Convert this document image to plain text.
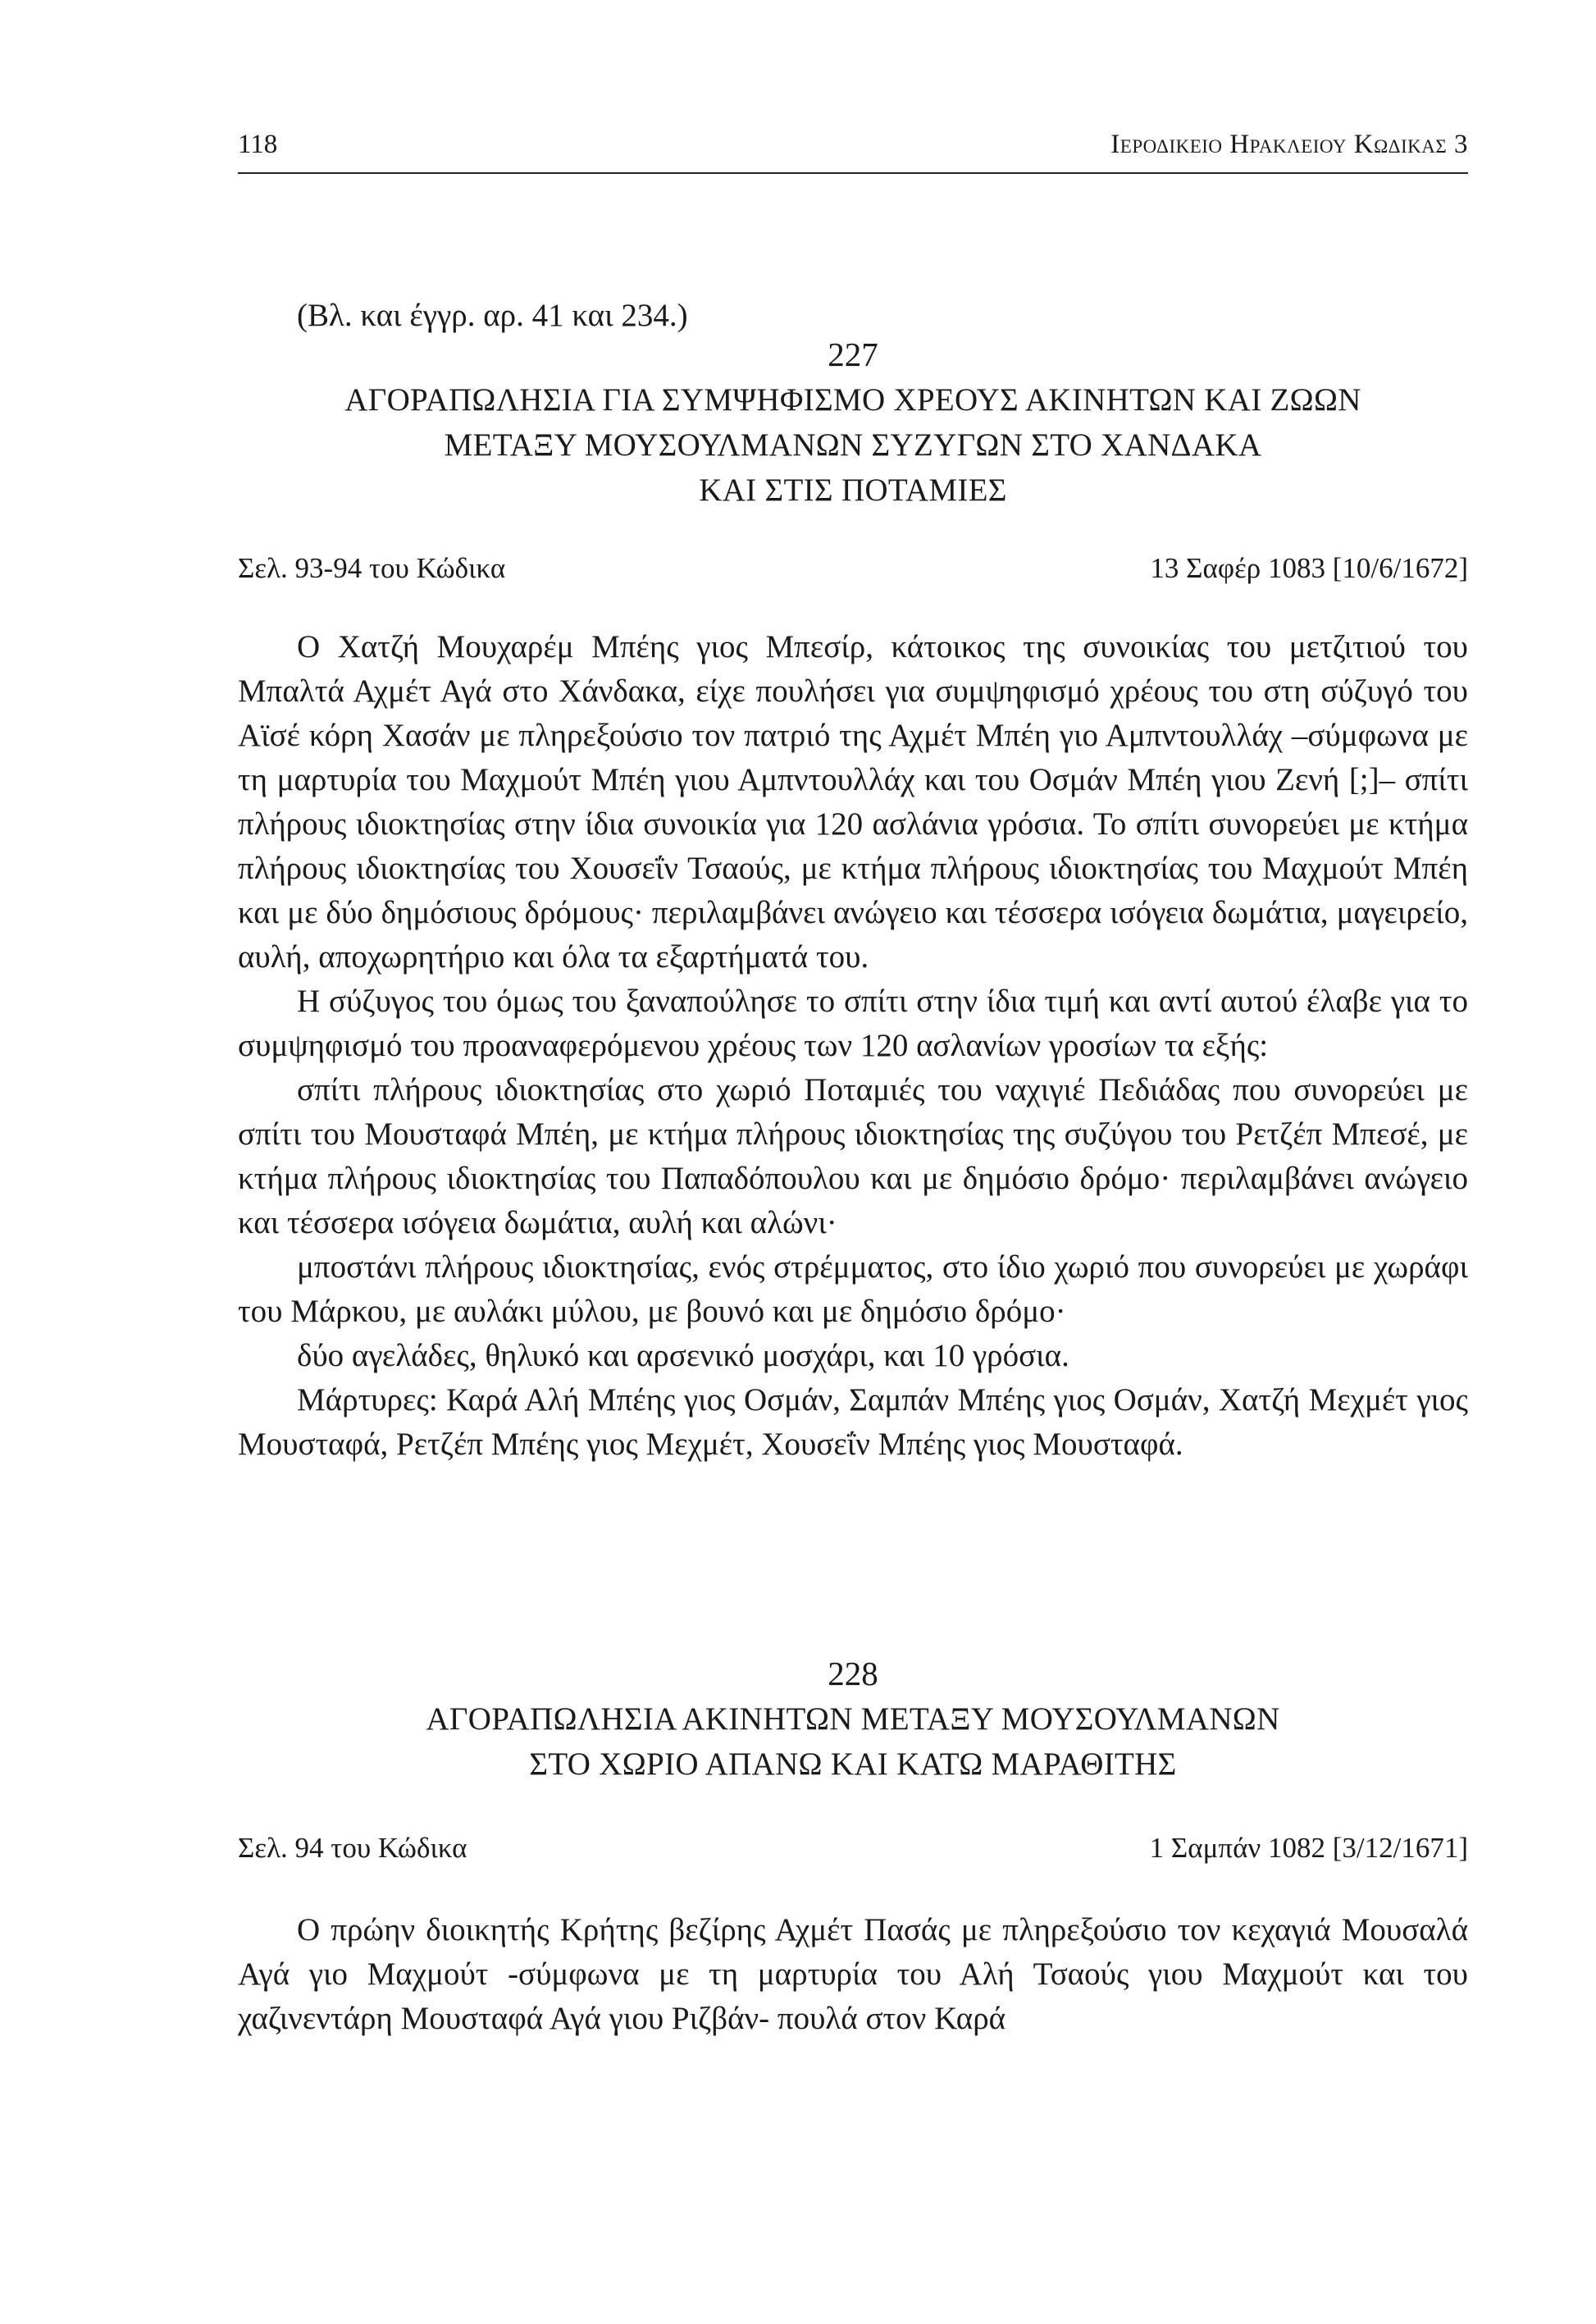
118	Ιεροδικειο Ηρακλειου Κωδικας 3

(Βλ. και έγγρ. αρ. 41 και 234.)

227

ΑΓΟΡΑΠΩΛΗΣΙΑ ΓΙΑ ΣΥΜΨΗΦΙΣΜΟ ΧΡΕΟΥΣ ΑΚΙΝΗΤΩΝ ΚΑΙ ΖΩΩΝ
ΜΕΤΑΞΥ ΜΟΥΣΟΥΛΜΑΝΩΝ ΣΥΖΥΓΩΝ ΣΤΟ ΧΑΝΔΑΚΑ
ΚΑΙ ΣΤΙΣ ΠΟΤΑΜΙΕΣ
Σελ. 93-94 του Κώδικα	13 Σαφέρ 1083 [10/6/1672]

Ο Χατζή Μουχαρέμ Μπέης γιος Μπεσίρ, κάτοικος της συνοικίας του μετζιτιού του Μπαλτά Αχμέτ Αγά στο Χάνδακα, είχε πουλήσει για συμψηφισμό χρέους του στη σύζυγό του Αϊσέ κόρη Χασάν με πληρεξούσιο τον πατριό της Αχμέτ Μπέη γιο Αμπντουλλάχ –σύμφωνα με τη μαρτυρία του Μαχμούτ Μπέη γιου Αμπντουλλάχ και του Οσμάν Μπέη γιου Ζενή [;]– σπίτι πλήρους ιδιοκτησίας στην ίδια συνοικία για 120 ασλάνια γρόσια. Το σπίτι συνορεύει με κτήμα πλήρους ιδιοκτησίας του Χουσεΐν Τσαούς, με κτήμα πλήρους ιδιοκτησίας του Μαχμούτ Μπέη και με δύο δημόσιους δρόμους· περιλαμβάνει ανώγειο και τέσσερα ισόγεια δωμάτια, μαγειρείο, αυλή, αποχωρητήριο και όλα τα εξαρτήματά του.

Η σύζυγος του όμως του ξαναπούλησε το σπίτι στην ίδια τιμή και αντί αυτού έλαβε για το συμψηφισμό του προαναφερόμενου χρέους των 120 ασλανίων γροσίων τα εξής:

σπίτι πλήρους ιδιοκτησίας στο χωριό Ποταμιές του ναχιγιέ Πεδιάδας που συνορεύει με σπίτι του Μουσταφά Μπέη, με κτήμα πλήρους ιδιοκτησίας της συζύγου του Ρετζέπ Μπεσέ, με κτήμα πλήρους ιδιοκτησίας του Παπαδόπουλου και με δημόσιο δρόμο· περιλαμβάνει ανώγειο και τέσσερα ισόγεια δωμάτια, αυλή και αλώνι·

μποστάνι πλήρους ιδιοκτησίας, ενός στρέμματος, στο ίδιο χωριό που συνορεύει με χωράφι του Μάρκου, με αυλάκι μύλου, με βουνό και με δημόσιο δρόμο·

δύο αγελάδες, θηλυκό και αρσενικό μοσχάρι, και 10 γρόσια.

Μάρτυρες: Καρά Αλή Μπέης γιος Οσμάν, Σαμπάν Μπέης γιος Οσμάν, Χατζή Μεχμέτ γιος Μουσταφά, Ρετζέπ Μπέης γιος Μεχμέτ, Χουσεΐν Μπέης γιος Μουσταφά.

228

ΑΓΟΡΑΠΩΛΗΣΙΑ ΑΚΙΝΗΤΩΝ ΜΕΤΑΞΥ ΜΟΥΣΟΥΛΜΑΝΩΝ
ΣΤΟ ΧΩΡΙΟ ΑΠΑΝΩ ΚΑΙ ΚΑΤΩ ΜΑΡΑΘΙΤΗΣ
Σελ. 94 του Κώδικα	1 Σαμπάν 1082 [3/12/1671]

Ο πρώην διοικητής Κρήτης βεζίρης Αχμέτ Πασάς με πληρεξούσιο τον κεχαγιά Μουσαλά Αγά γιο Μαχμούτ -σύμφωνα με τη μαρτυρία του Αλή Τσαούς γιου Μαχμούτ και του χαζινεντάρη Μουσταφά Αγά γιου Ριζβάν- πουλά στον Καρά
